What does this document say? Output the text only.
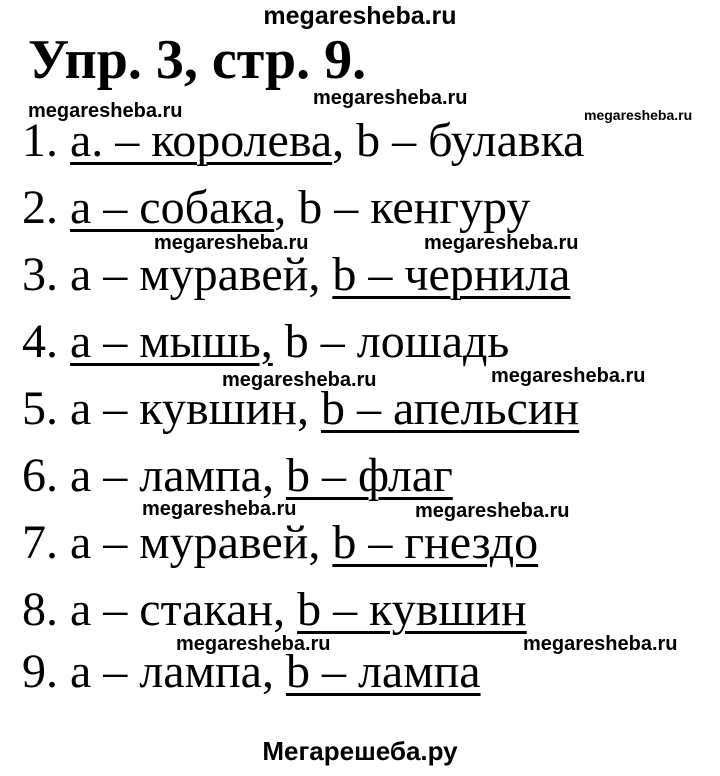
megaresheba.ru
Упр. 3, стр. 9.
megaresheba.ru
megaresheba.ru
megaresheba.ru
1. a. – королева, b – булавка
2. a – собака, b – кенгуру
megaresheba.ru	megaresheba.ru
3. a – муравей, b – чернила
4. a – мышь, b – лошадь
megaresheba.ru	megaresheba.ru
5. a – кувшин, b – апельсин
6. a – лампа, b – флаг
megaresheba.ru	megaresheba.ru
7. a – муравей, b – гнездо
8. a – стакан, b – кувшин
megaresheba.ru	megaresheba.ru
9. a – лампа, b – лампа
Мегарешеба.ру
